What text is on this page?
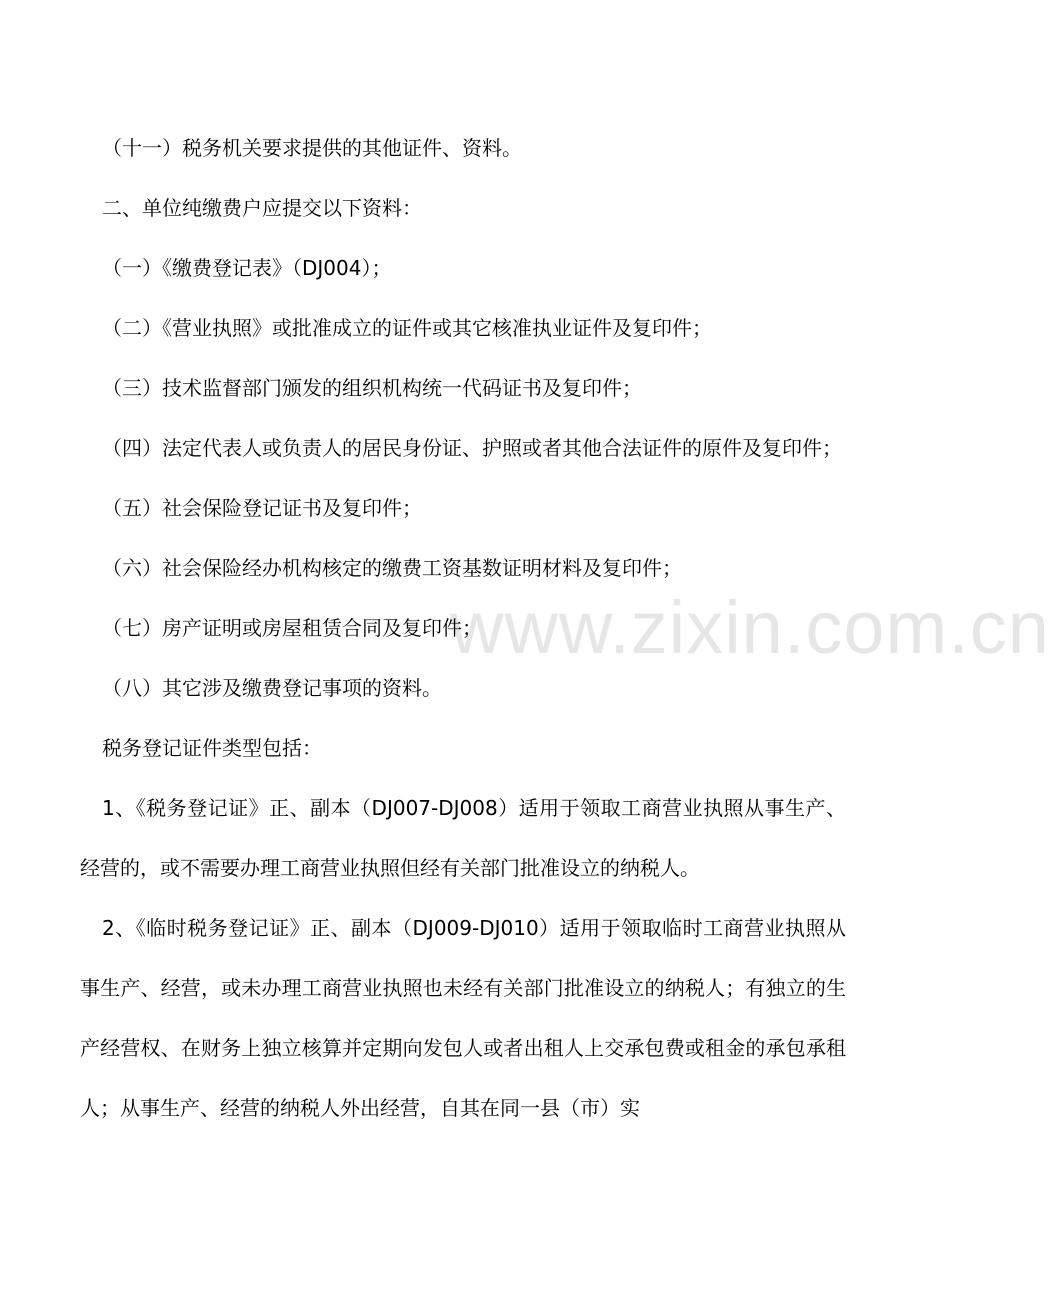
www.zixin.com.cn

（十一）税务机关要求提供的其他证件、资料。

二、单位纯缴费户应提交以下资料：

（一）《缴费登记表》（DJ004）；

（二）《营业执照》或批准成立的证件或其它核准执业证件及复印件；

（三）技术监督部门颁发的组织机构统一代码证书及复印件；

（四）法定代表人或负责人的居民身份证、护照或者其他合法证件的原件及复印件；

（五）社会保险登记证书及复印件；

（六）社会保险经办机构核定的缴费工资基数证明材料及复印件；

（七）房产证明或房屋租赁合同及复印件；

（八）其它涉及缴费登记事项的资料。

税务登记证件类型包括：

1、《税务登记证》正、副本（DJ007-DJ008）适用于领取工商营业执照从事生产、经营的，或不需要办理工商营业执照但经有关部门批准设立的纳税人。

2、《临时税务登记证》正、副本（DJ009-DJ010）适用于领取临时工商营业执照从事生产、经营，或未办理工商营业执照也未经有关部门批准设立的纳税人；有独立的生产经营权、在财务上独立核算并定期向发包人或者出租人上交承包费或租金的承包承租人；从事生产、经营的纳税人外出经营，自其在同一县（市）实
